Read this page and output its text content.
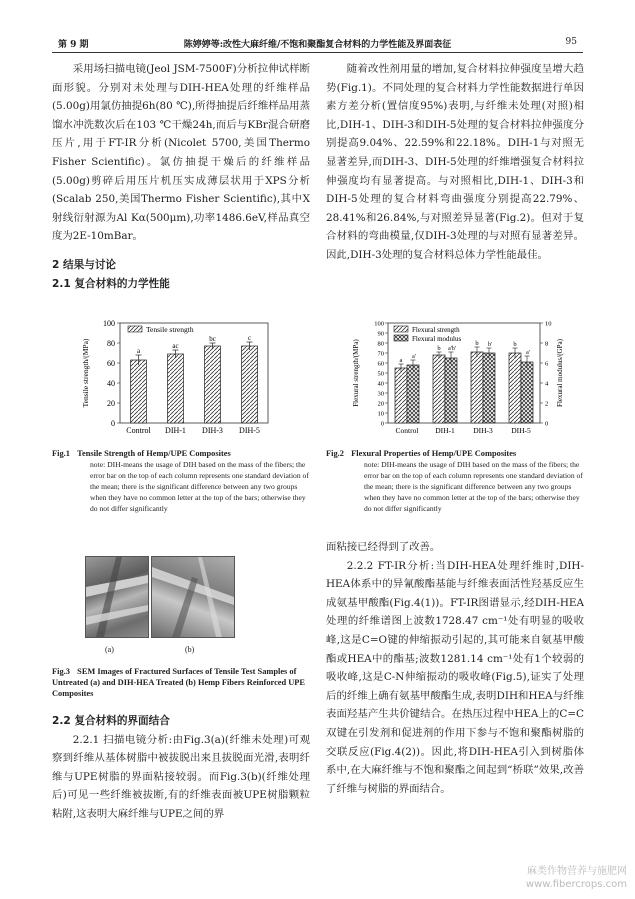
第 9 期	陈婷婷等:改性大麻纤维/不饱和聚酯复合材料的力学性能及界面表征	95

采用场扫描电镜(Jeol JSM-7500F)分析拉伸试样断面形貌。分别对未处理与DIH-HEA处理的纤维样品(5.00g)用氯仿抽提6h(80 ℃),所得抽提后纤维样品用蒸馏水冲洗数次后在103 ℃干燥24h,而后与KBr混合研磨压片,用于FT-IR分析(Nicolet 5700,美国Thermo Fisher Scientific)。氯仿抽提干燥后的纤维样品(5.00g)剪碎后用压片机压实成薄层状用于XPS分析(Scalab 250,美国Thermo Fisher Scientific),其中X射线衍射源为Al Kα(500μm),功率1486.6eV,样品真空度为2E-10mBar。

2 结果与讨论

2.1 复合材料的力学性能

随着改性剂用量的增加,复合材料拉伸强度呈增大趋势(Fig.1)。不同处理的复合材料力学性能数据进行单因素方差分析(置信度95%)表明,与纤维未处理(对照)相比,DIH-1、DIH-3和DIH-5处理的复合材料拉伸强度分别提高9.04%、22.59%和22.18%。DIH-1与对照无显著差异,而DIH-3、DIH-5处理的纤维增强复合材料拉伸强度均有显著提高。与对照相比,DIH-1、DIH-3和DIH-5处理的复合材料弯曲强度分别提高22.79%、28.41%和26.84%,与对照差异显著(Fig.2)。但对于复合材料的弯曲模量,仅DIH-3处理的与对照有显著差异。因此,DIH-3处理的复合材料总体力学性能最佳。

0
20
40
60
80
100
Tensile strength/(MPa)	a
Control
ac
DIH-1
bc
DIH-3
c
DIH-5
Tensile strength
Fig.1 Tensile Strength of Hemp/UPE Composites
note: DIH-means the usage of DIH based on the mass of the fibers; the error bar on the top of each column represents one standard deviation of the mean; there is the significant difference between any two groups when they have no common letter at the top of the bars; otherwise they do not differ significantly
0
10
20
30
40
50
60
70
80
90
100
0
2
4
6
8
10
Flexural strength/(MPa)	Flexural modulus/(GPa)
a a'
Control
b a'b'
DIH-1
b b'
DIH-3
b
a'
DIH-5
Flexural strength
Flexural modulus
Fig.2 Flexural Properties of Hemp/UPE Composites
note: DIH-means the usage of DIH based on the mass of the fibers; the error bar on the top of each column represents one standard deviation of the mean; there is the significant difference between any two groups when they have no common letter at the top of the bars; otherwise they do not differ significantly
(a)	(b)
Fig.3 SEM Images of Fractured Surfaces of Tensile Test Samples of Untreated (a) and DIH-HEA Treated (b) Hemp Fibers Reinforced UPE Composites

2.2 复合材料的界面结合

2.2.1 扫描电镜分析:由Fig.3(a)(纤维未处理)可观察到纤维从基体树脂中被拔脱出来且拔脱面光滑,表明纤维与UPE树脂的界面粘接较弱。而Fig.3(b)(纤维处理后)可见一些纤维被拔断,有的纤维表面被UPE树脂颗粒粘附,这表明大麻纤维与UPE之间的界

面粘接已经得到了改善。

2.2.2 FT-IR分析:当DIH-HEA处理纤维时,DIH-HEA体系中的异氰酸酯基能与纤维表面活性羟基反应生成氨基甲酸酯(Fig.4(1))。FT-IR图谱显示,经DIH-HEA处理的纤维谱图上波数1728.47 cm⁻¹处有明显的吸收峰,这是C=O键的伸缩振动引起的,其可能来自氨基甲酸酯或HEA中的酯基;波数1281.14 cm⁻¹处有1个较弱的吸收峰,这是C-N伸缩振动的吸收峰(Fig.5),证实了处理后的纤维上确有氨基甲酸酯生成,表明DIH和HEA与纤维表面羟基产生共价键结合。在热压过程中HEA上的C=C双键在引发剂和促进剂的作用下参与不饱和聚酯树脂的交联反应(Fig.4(2))。因此,将DIH-HEA引入到树脂体系中,在大麻纤维与不饱和聚酯之间起到“桥联”效果,改善了纤维与树脂的界面结合。

麻类作物营养与施肥网
www.fibercrops.com
